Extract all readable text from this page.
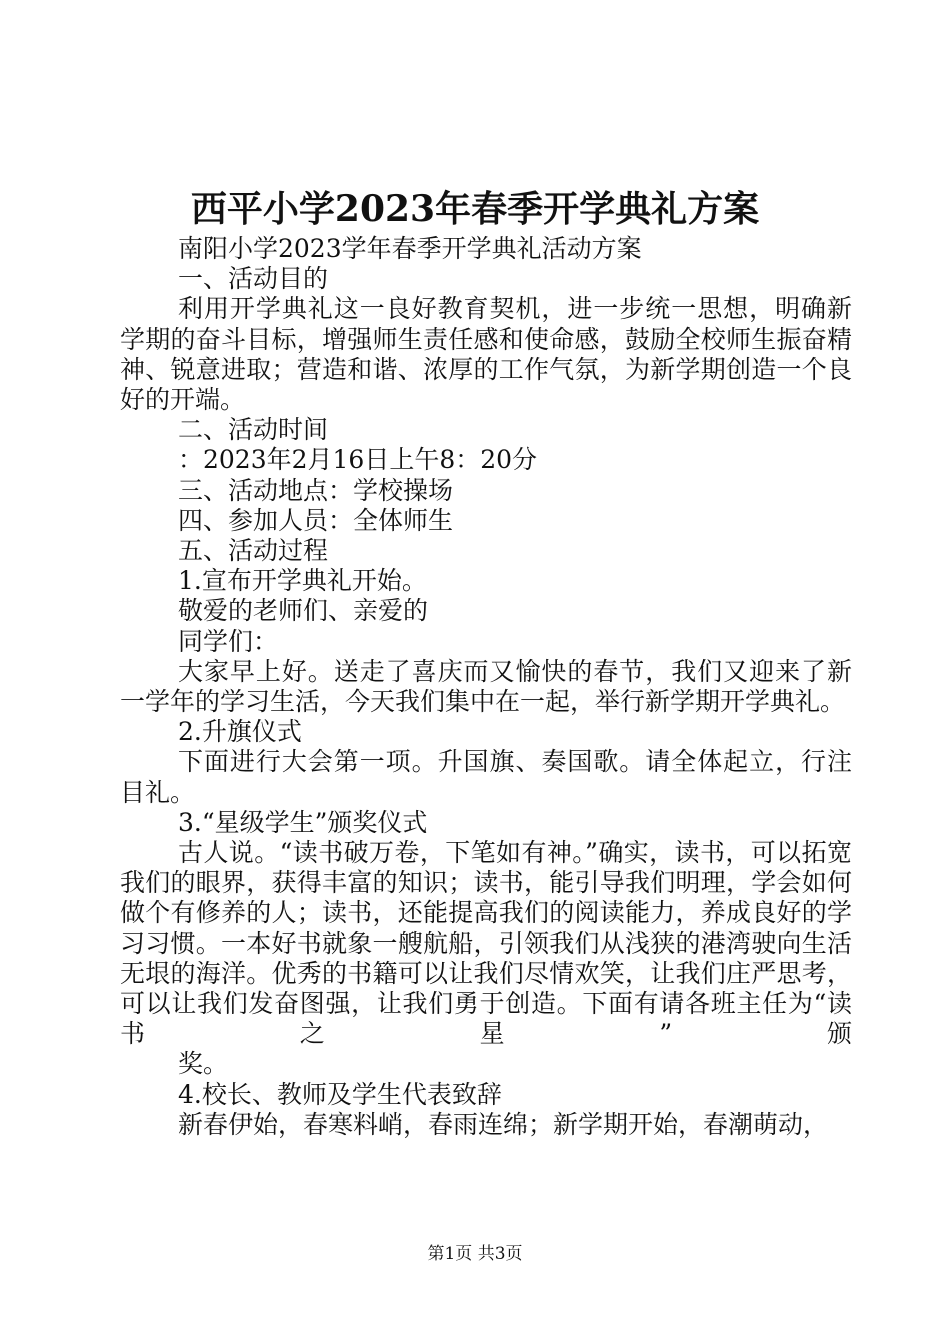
西平小学2023年春季开学典礼方案

南阳小学2023学年春季开学典礼活动方案

一、活动目的

利用开学典礼这一良好教育契机，进一步统一思想，明确新学期的奋斗目标，增强师生责任感和使命感，鼓励全校师生振奋精神、锐意进取；营造和谐、浓厚的工作气氛，为新学期创造一个良好的开端。

二、活动时间

：2023年2月16日上午8：20分

三、活动地点：学校操场

四、参加人员：全体师生

五、活动过程

1.宣布开学典礼开始。

敬爱的老师们、亲爱的

同学们：

大家早上好。送走了喜庆而又愉快的春节，我们又迎来了新一学年的学习生活，今天我们集中在一起，举行新学期开学典礼。

2.升旗仪式

下面进行大会第一项。升国旗、奏国歌。请全体起立，行注目礼。

3.“星级学生”颁奖仪式

古人说。“读书破万卷，下笔如有神。”确实，读书，可以拓宽我们的眼界，获得丰富的知识；读书，能引导我们明理，学会如何做个有修养的人；读书，还能提高我们的阅读能力，养成良好的学习习惯。一本好书就象一艘航船，引领我们从浅狭的港湾驶向生活无垠的海洋。优秀的书籍可以让我们尽情欢笑，让我们庄严思考，可以让我们发奋图强，让我们勇于创造。下面有请各班主任为“读书之星”颁

奖。

4.校长、教师及学生代表致辞

新春伊始，春寒料峭，春雨连绵；新学期开始，春潮萌动，

第1页 共3页
